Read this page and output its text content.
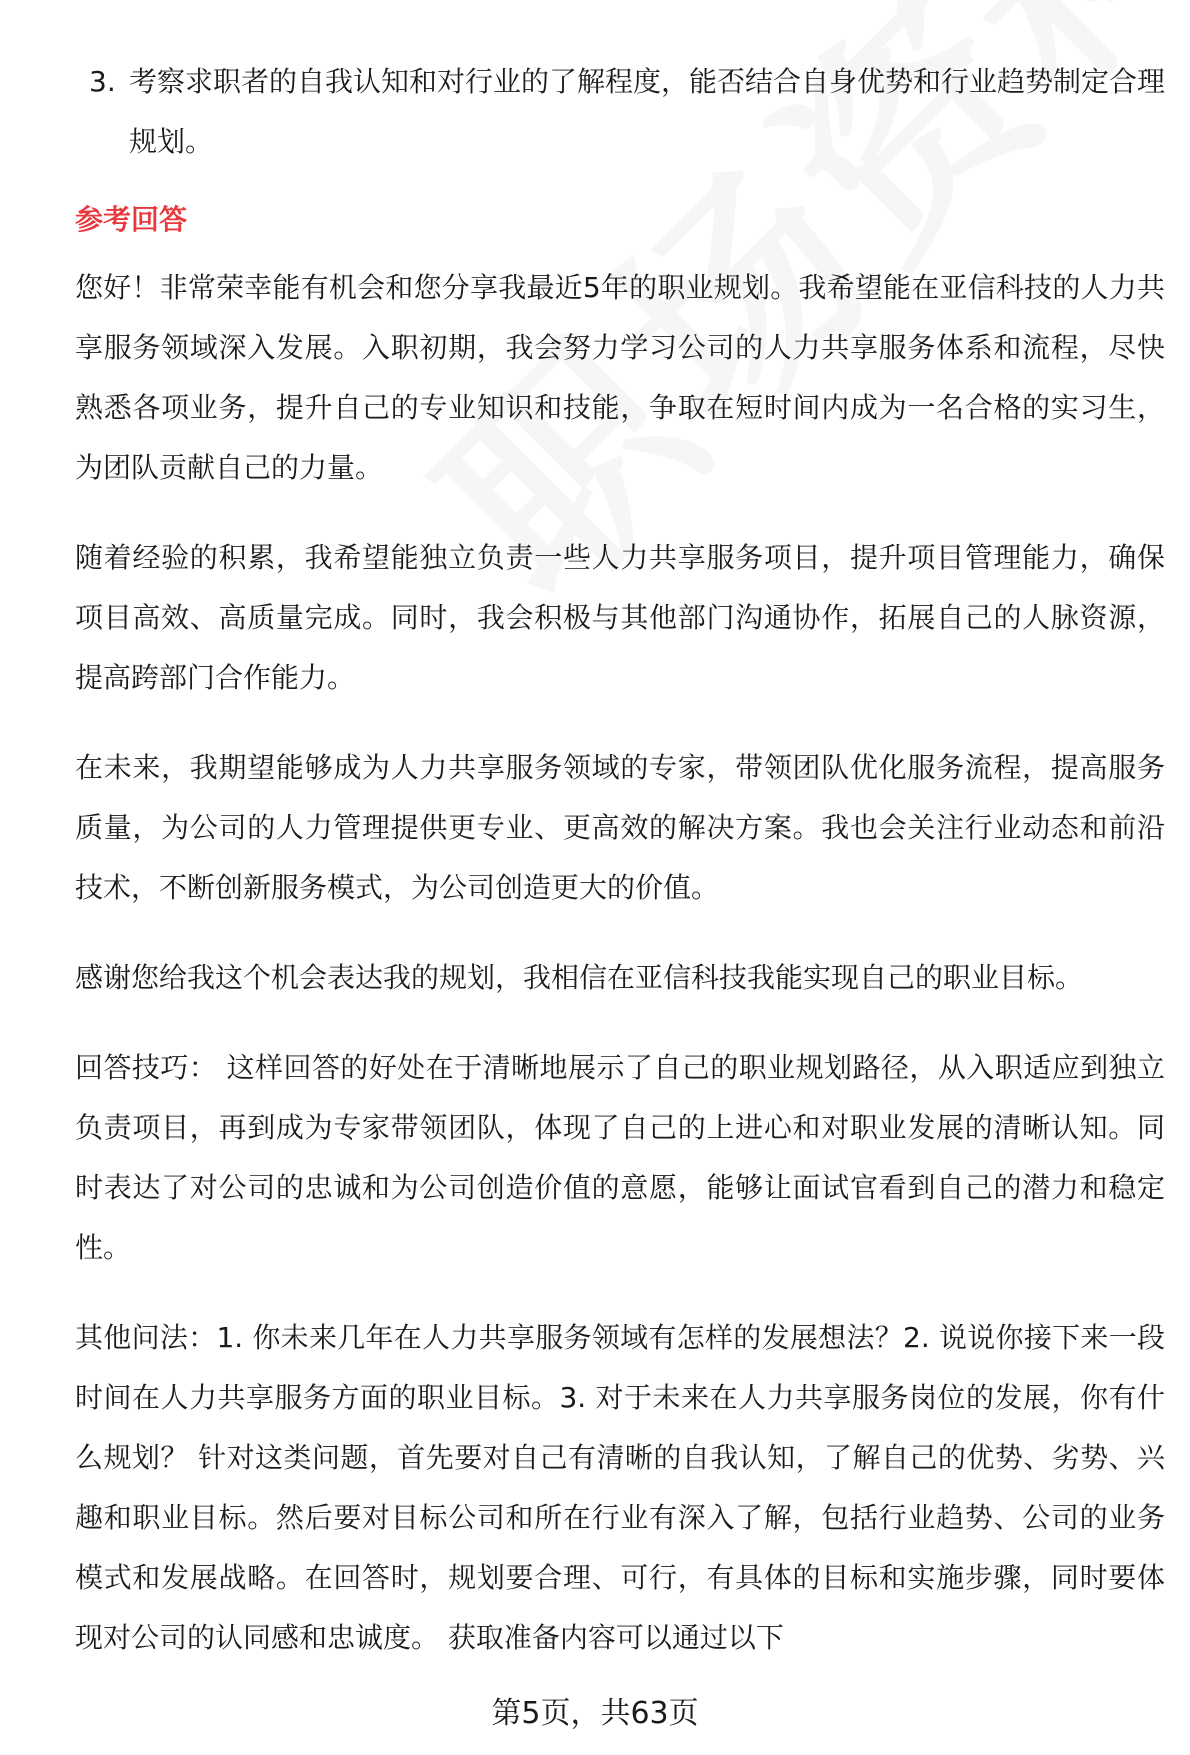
3. 考察求职者的自我认知和对行业的了解程度，能否结合自身优势和行业趋势制定合理规划。
参考回答

您好！非常荣幸能有机会和您分享我最近5年的职业规划。我希望能在亚信科技的人力共享服务领域深入发展。入职初期，我会努力学习公司的人力共享服务体系和流程，尽快熟悉各项业务，提升自己的专业知识和技能，争取在短时间内成为一名合格的实习生，为团队贡献自己的力量。

随着经验的积累，我希望能独立负责一些人力共享服务项目，提升项目管理能力，确保项目高效、高质量完成。同时，我会积极与其他部门沟通协作，拓展自己的人脉资源，提高跨部门合作能力。

在未来，我期望能够成为人力共享服务领域的专家，带领团队优化服务流程，提高服务质量，为公司的人力管理提供更专业、更高效的解决方案。我也会关注行业动态和前沿技术，不断创新服务模式，为公司创造更大的价值。

感谢您给我这个机会表达我的规划，我相信在亚信科技我能实现自己的职业目标。

回答技巧： 这样回答的好处在于清晰地展示了自己的职业规划路径，从入职适应到独立负责项目，再到成为专家带领团队，体现了自己的上进心和对职业发展的清晰认知。同时表达了对公司的忠诚和为公司创造价值的意愿，能够让面试官看到自己的潜力和稳定性。

其他问法：1. 你未来几年在人力共享服务领域有怎样的发展想法？2. 说说你接下来一段时间在人力共享服务方面的职业目标。3. 对于未来在人力共享服务岗位的发展，你有什么规划？ 针对这类问题，首先要对自己有清晰的自我认知，了解自己的优势、劣势、兴趣和职业目标。然后要对目标公司和所在行业有深入了解，包括行业趋势、公司的业务模式和发展战略。在回答时，规划要合理、可行，有具体的目标和实施步骤，同时要体现对公司的认同感和忠诚度。 获取准备内容可以通过以下

第5页，共63页
